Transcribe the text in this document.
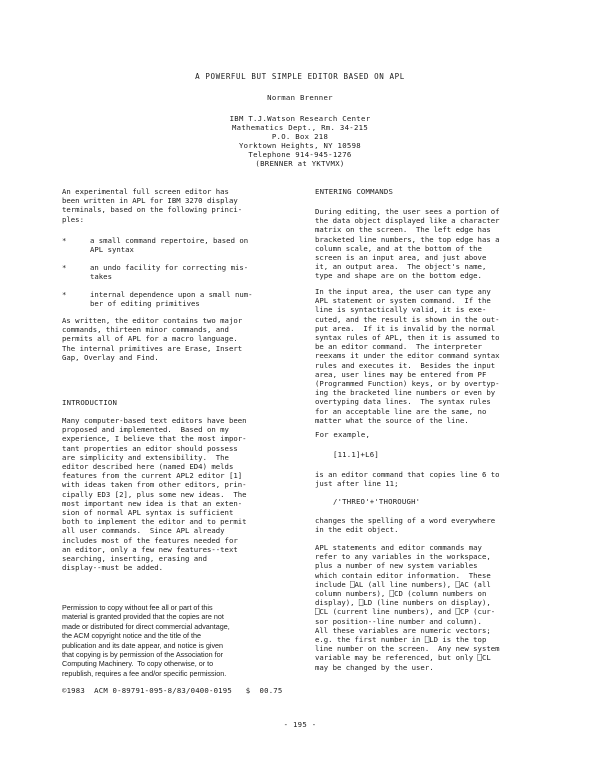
A POWERFUL BUT SIMPLE EDITOR BASED ON APL
Norman Brenner
IBM T.J.Watson Research Center
Mathematics Dept., Rm. 34-215
P.O. Box 218
Yorktown Heights, NY 10598
Telephone 914-945-1276
(BRENNER at YKTVMX)
An experimental full screen editor has
been written in APL for IBM 3270 display
terminals, based on the following princi-
ples:
*	a small command repertoire, based on
APL syntax
*	an undo facility for correcting mis-
takes
*	internal dependence upon a small num-
ber of editing primitives
As written, the editor contains two major
commands, thirteen minor commands, and
permits all of APL for a macro language.
The internal primitives are Erase, Insert
Gap, Overlay and Find.
INTRODUCTION
Many computer-based text editors have been
proposed and implemented.  Based on my
experience, I believe that the most impor-
tant properties an editor should possess
are simplicity and extensibility.  The
editor described here (named ED4) melds
features from the current APL2 editor [1]
with ideas taken from other editors, prin-
cipally ED3 [2], plus some new ideas.  The
most important new idea is that an exten-
sion of normal APL syntax is sufficient
both to implement the editor and to permit
all user commands.  Since APL already
includes most of the features needed for
an editor, only a few new features--text
searching, inserting, erasing and
display--must be added.
Permission to copy without fee all or part of this
material is granted provided that the copies are not
made or distributed for direct commercial advantage,
the ACM copyright notice and the title of the
publication and its date appear, and notice is given
that copying is by permission of the Association for
Computing Machinery.  To copy otherwise, or to
republish, requires a fee and/or specific permission.
©1983  ACM 0-89791-095-8/83/0400-0195   $  00.75
ENTERING COMMANDS
During editing, the user sees a portion of
the data object displayed like a character
matrix on the screen.  The left edge has
bracketed line numbers, the top edge has a
column scale, and at the bottom of the
screen is an input area, and just above
it, an output area.  The object's name,
type and shape are on the bottom edge.
In the input area, the user can type any
APL statement or system command.  If the
line is syntactically valid, it is exe-
cuted, and the result is shown in the out-
put area.  If it is invalid by the normal
syntax rules of APL, then it is assumed to
be an editor command.  The interpreter
reexams it under the editor command syntax
rules and executes it.  Besides the input
area, user lines may be entered from PF
(Programmed Function) keys, or by overtyp-
ing the bracketed line numbers or even by
overtyping data lines.  The syntax rules
for an acceptable line are the same, no
matter what the source of the line.
For example,
[11.1]+L6]
is an editor command that copies line 6 to
just after line 11;
/'THREO'+'THOROUGH'
changes the spelling of a word everywhere
in the edit object.
APL statements and editor commands may
refer to any variables in the workspace,
plus a number of new system variables
which contain editor information.  These
include ⎕AL (all line numbers), ⎕AC (all
column numbers), ⎕CD (column numbers on
display), ⎕LD (line numbers on display),
⎕CL (current line numbers), and ⎕CP (cur-
sor position--line number and column).
All these variables are numeric vectors;
e.g. the first number in ⎕LD is the top
line number on the screen.  Any new system
variable may be referenced, but only ⎕CL
may be changed by the user.
- 195 -
